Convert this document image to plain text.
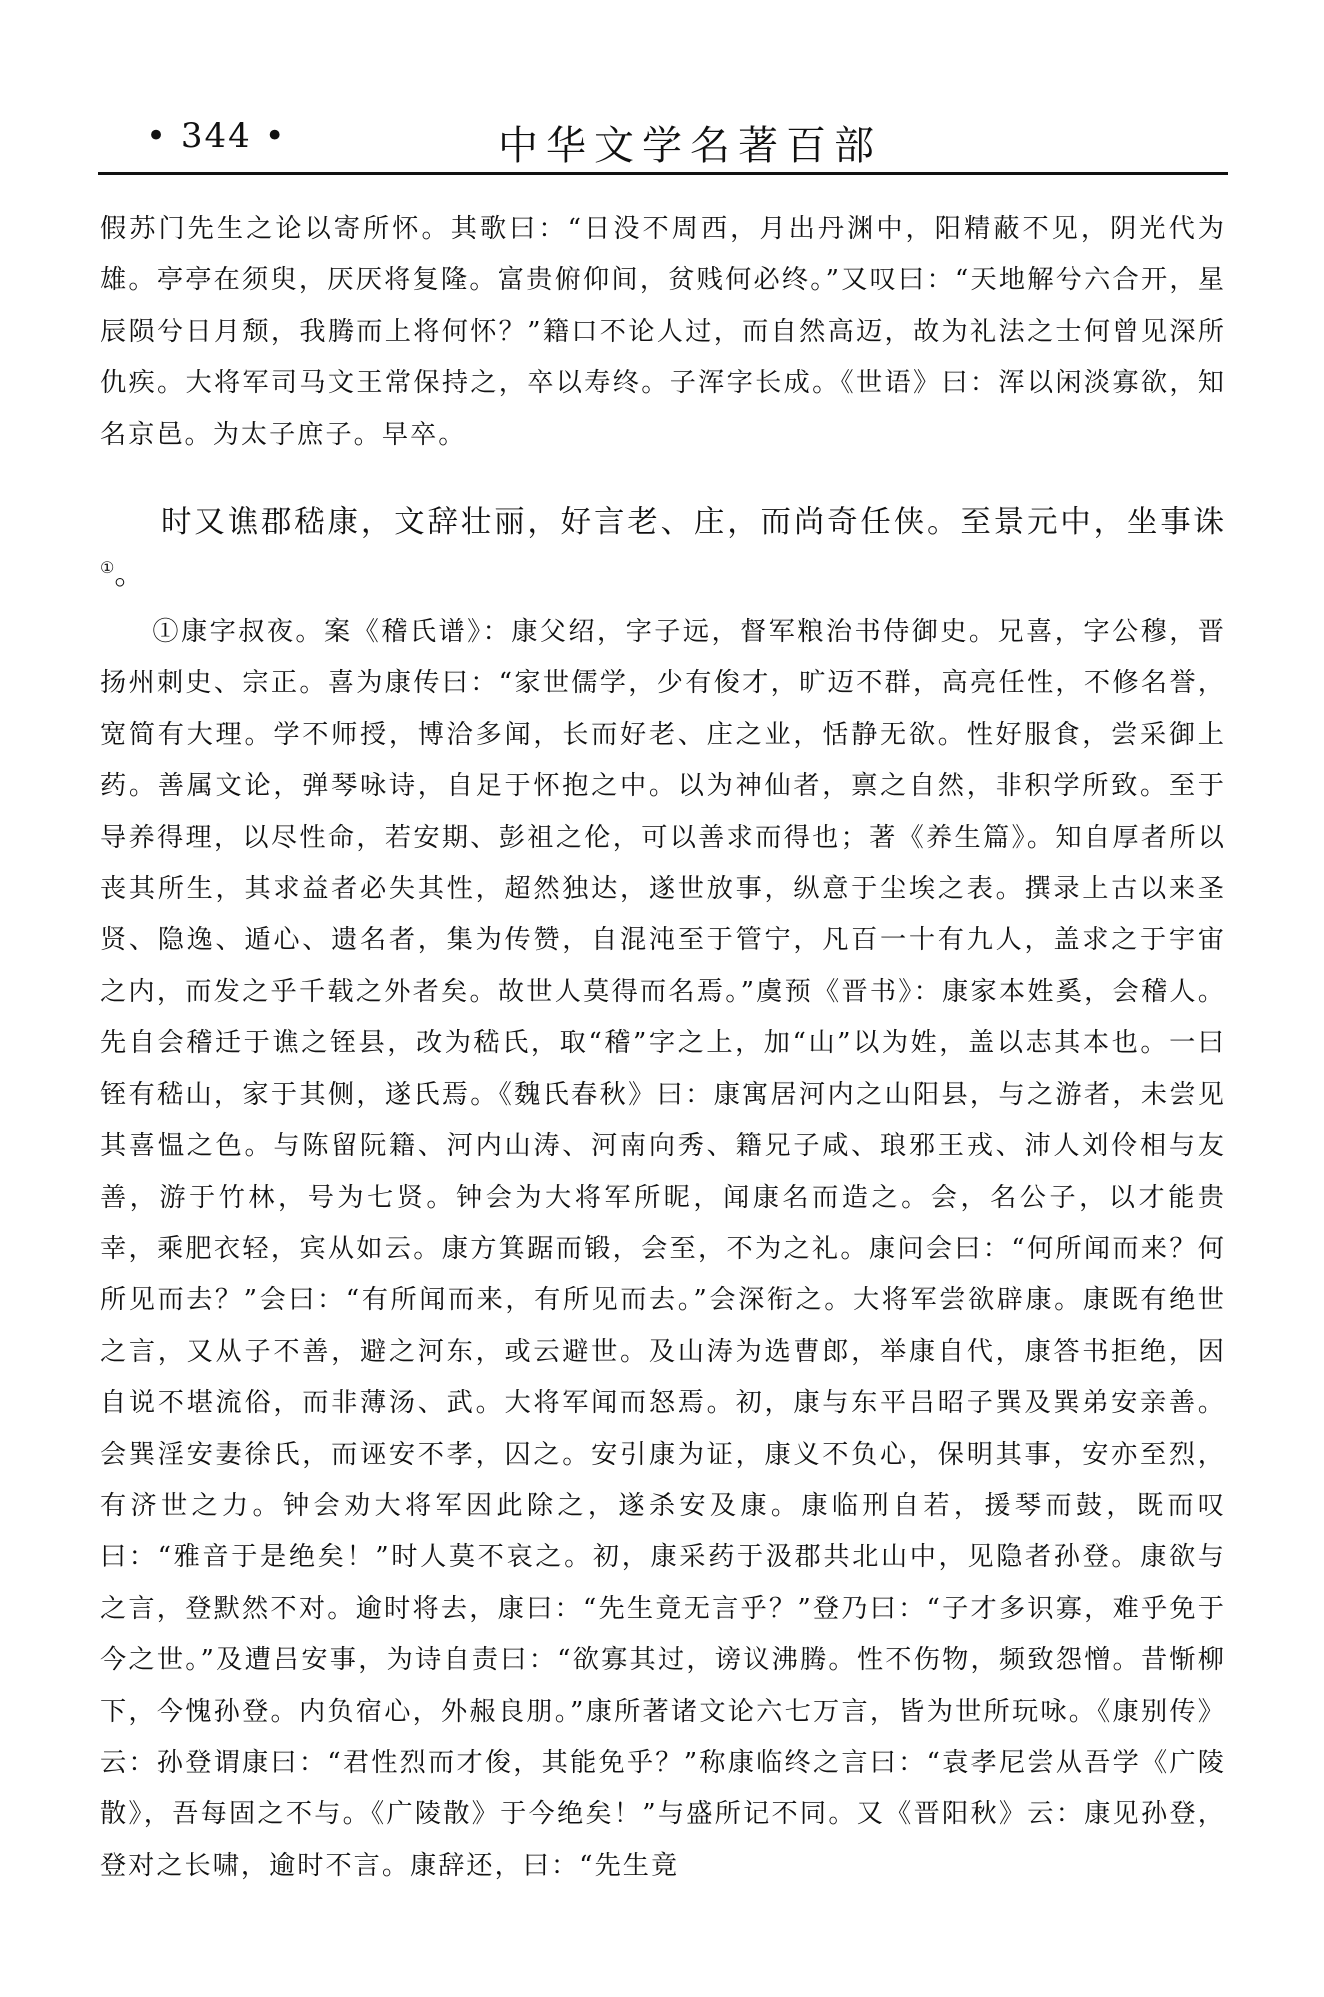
• 344 •	中华文学名著百部

假苏门先生之论以寄所怀。其歌曰：“日没不周西，月出丹渊中，阳精蔽不见，阴光代为雄。亭亭在须臾，厌厌将复隆。富贵俯仰间，贫贱何必终。”又叹曰：“天地解兮六合开，星辰陨兮日月颓，我腾而上将何怀？”籍口不论人过，而自然高迈，故为礼法之士何曾见深所仇疾。大将军司马文王常保持之，卒以寿终。子浑字长成。《世语》曰：浑以闲淡寡欲，知名京邑。为太子庶子。早卒。

时又谯郡嵇康，文辞壮丽，好言老、庄，而尚奇任侠。至景元中，坐事诛①。

①康字叔夜。案《稽氏谱》：康父绍，字子远，督军粮治书侍御史。兄喜，字公穆，晋扬州刺史、宗正。喜为康传曰：“家世儒学，少有俊才，旷迈不群，高亮任性，不修名誉，宽简有大理。学不师授，博洽多闻，长而好老、庄之业，恬静无欲。性好服食，尝采御上药。善属文论，弹琴咏诗，自足于怀抱之中。以为神仙者，禀之自然，非积学所致。至于导养得理，以尽性命，若安期、彭祖之伦，可以善求而得也；著《养生篇》。知自厚者所以丧其所生，其求益者必失其性，超然独达，遂世放事，纵意于尘埃之表。撰录上古以来圣贤、隐逸、遁心、遗名者，集为传赞，自混沌至于管宁，凡百一十有九人，盖求之于宇宙之内，而发之乎千载之外者矣。故世人莫得而名焉。”虞预《晋书》：康家本姓奚，会稽人。先自会稽迁于谯之铚县，改为嵇氏，取“稽”字之上，加“山”以为姓，盖以志其本也。一曰铚有嵇山，家于其侧，遂氏焉。《魏氏春秋》曰：康寓居河内之山阳县，与之游者，未尝见其喜愠之色。与陈留阮籍、河内山涛、河南向秀、籍兄子咸、琅邪王戎、沛人刘伶相与友善，游于竹林，号为七贤。钟会为大将军所昵，闻康名而造之。会，名公子，以才能贵幸，乘肥衣轻，宾从如云。康方箕踞而锻，会至，不为之礼。康问会曰：“何所闻而来？何所见而去？”会曰：“有所闻而来，有所见而去。”会深衔之。大将军尝欲辟康。康既有绝世之言，又从子不善，避之河东，或云避世。及山涛为选曹郎，举康自代，康答书拒绝，因自说不堪流俗，而非薄汤、武。大将军闻而怒焉。初，康与东平吕昭子巽及巽弟安亲善。会巽淫安妻徐氏，而诬安不孝，囚之。安引康为证，康义不负心，保明其事，安亦至烈，有济世之力。钟会劝大将军因此除之，遂杀安及康。康临刑自若，援琴而鼓，既而叹曰：“雅音于是绝矣！”时人莫不哀之。初，康采药于汲郡共北山中，见隐者孙登。康欲与之言，登默然不对。逾时将去，康曰：“先生竟无言乎？”登乃曰：“子才多识寡，难乎免于今之世。”及遭吕安事，为诗自责曰：“欲寡其过，谤议沸腾。性不伤物，频致怨憎。昔惭柳下，今愧孙登。内负宿心，外赧良朋。”康所著诸文论六七万言，皆为世所玩咏。《康别传》云：孙登谓康曰：“君性烈而才俊，其能免乎？”称康临终之言曰：“袁孝尼尝从吾学《广陵散》，吾每固之不与。《广陵散》于今绝矣！”与盛所记不同。又《晋阳秋》云：康见孙登，登对之长啸，逾时不言。康辞还，曰：“先生竟
